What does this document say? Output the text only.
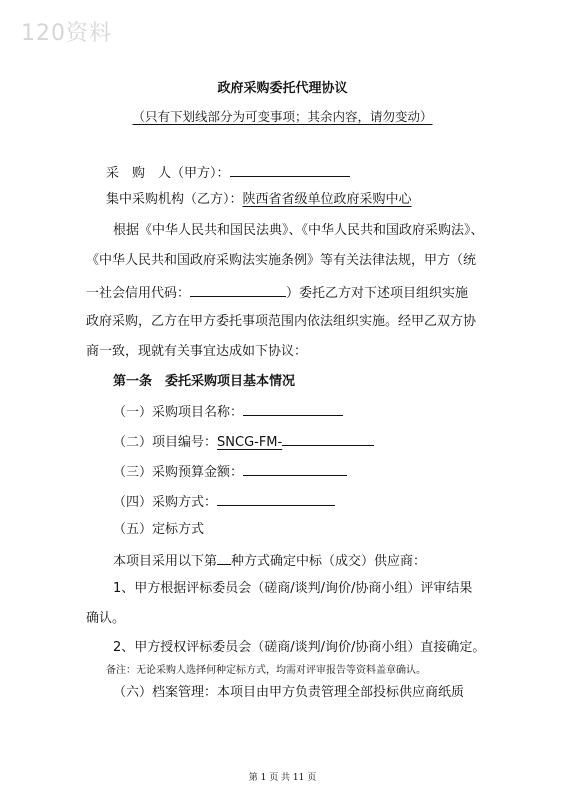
120资料
政府采购委托代理协议
（只有下划线部分为可变事项；其余内容，请勿变动）
采　购　人（甲方）：
集中采购机构（乙方）：陕西省省级单位政府采购中心
根据《中华人民共和国民法典》、《中华人民共和国政府采购法》、
《中华人民共和国政府采购法实施条例》等有关法律法规，甲方（统
一社会信用代码：	）委托乙方对下述项目组织实施
政府采购，乙方在甲方委托事项范围内依法组织实施。经甲乙双方协
商一致，现就有关事宜达成如下协议：
第一条　委托采购项目基本情况
（一）采购项目名称：
（二）项目编号：SNCG-FM-
（三）采购预算金额：
（四）采购方式：
（五）定标方式
本项目采用以下第 种方式确定中标（成交）供应商：
1、甲方根据评标委员会（磋商/谈判/询价/协商小组）评审结果
确认。
2、甲方授权评标委员会（磋商/谈判/询价/协商小组）直接确定。
备注：无论采购人选择何种定标方式，均需对评审报告等资料盖章确认。
（六）档案管理：本项目由甲方负责管理全部投标供应商纸质
第 1 页 共 11 页
